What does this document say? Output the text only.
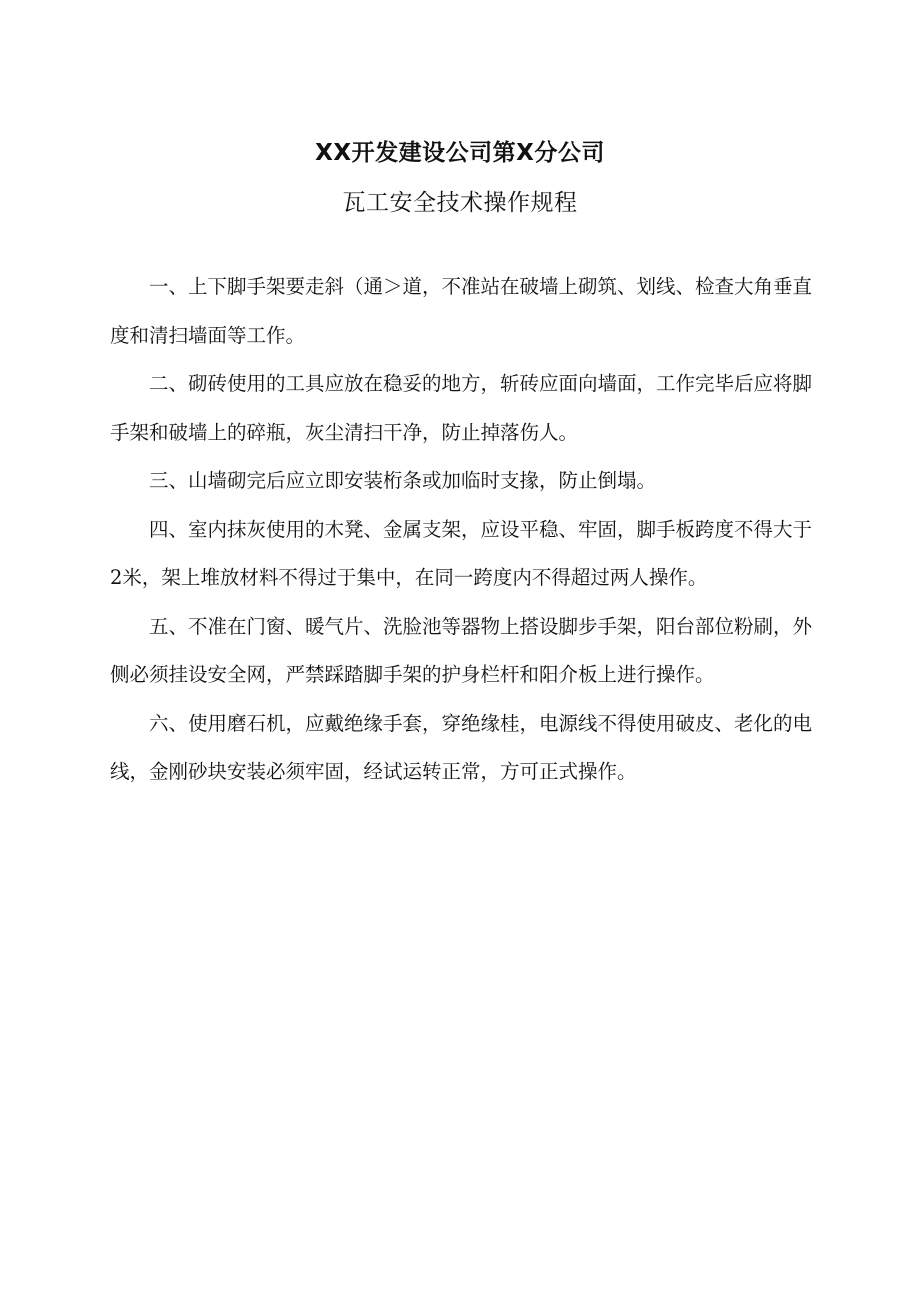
XX开发建设公司第X分公司
瓦工安全技术操作规程

一、上下脚手架要走斜（通＞道，不准站在破墙上砌筑、划线、检查大角垂直度和清扫墙面等工作。

二、砌砖使用的工具应放在稳妥的地方，斩砖应面向墙面，工作完毕后应将脚手架和破墙上的碎瓶，灰尘清扫干净，防止掉落伤人。

三、山墙砌完后应立即安装桁条或加临时支掾，防止倒塌。

四、室内抹灰使用的木凳、金属支架，应设平稳、牢固，脚手板跨度不得大于2米，架上堆放材料不得过于集中，在同一跨度内不得超过两人操作。

五、不准在门窗、暖气片、洗脸池等器物上搭设脚步手架，阳台部位粉刷，外侧必须挂设安全网，严禁踩踏脚手架的护身栏杆和阳介板上进行操作。

六、使用磨石机，应戴绝缘手套，穿绝缘桂，电源线不得使用破皮、老化的电线，金刚砂块安装必须牢固，经试运转正常，方可正式操作。
